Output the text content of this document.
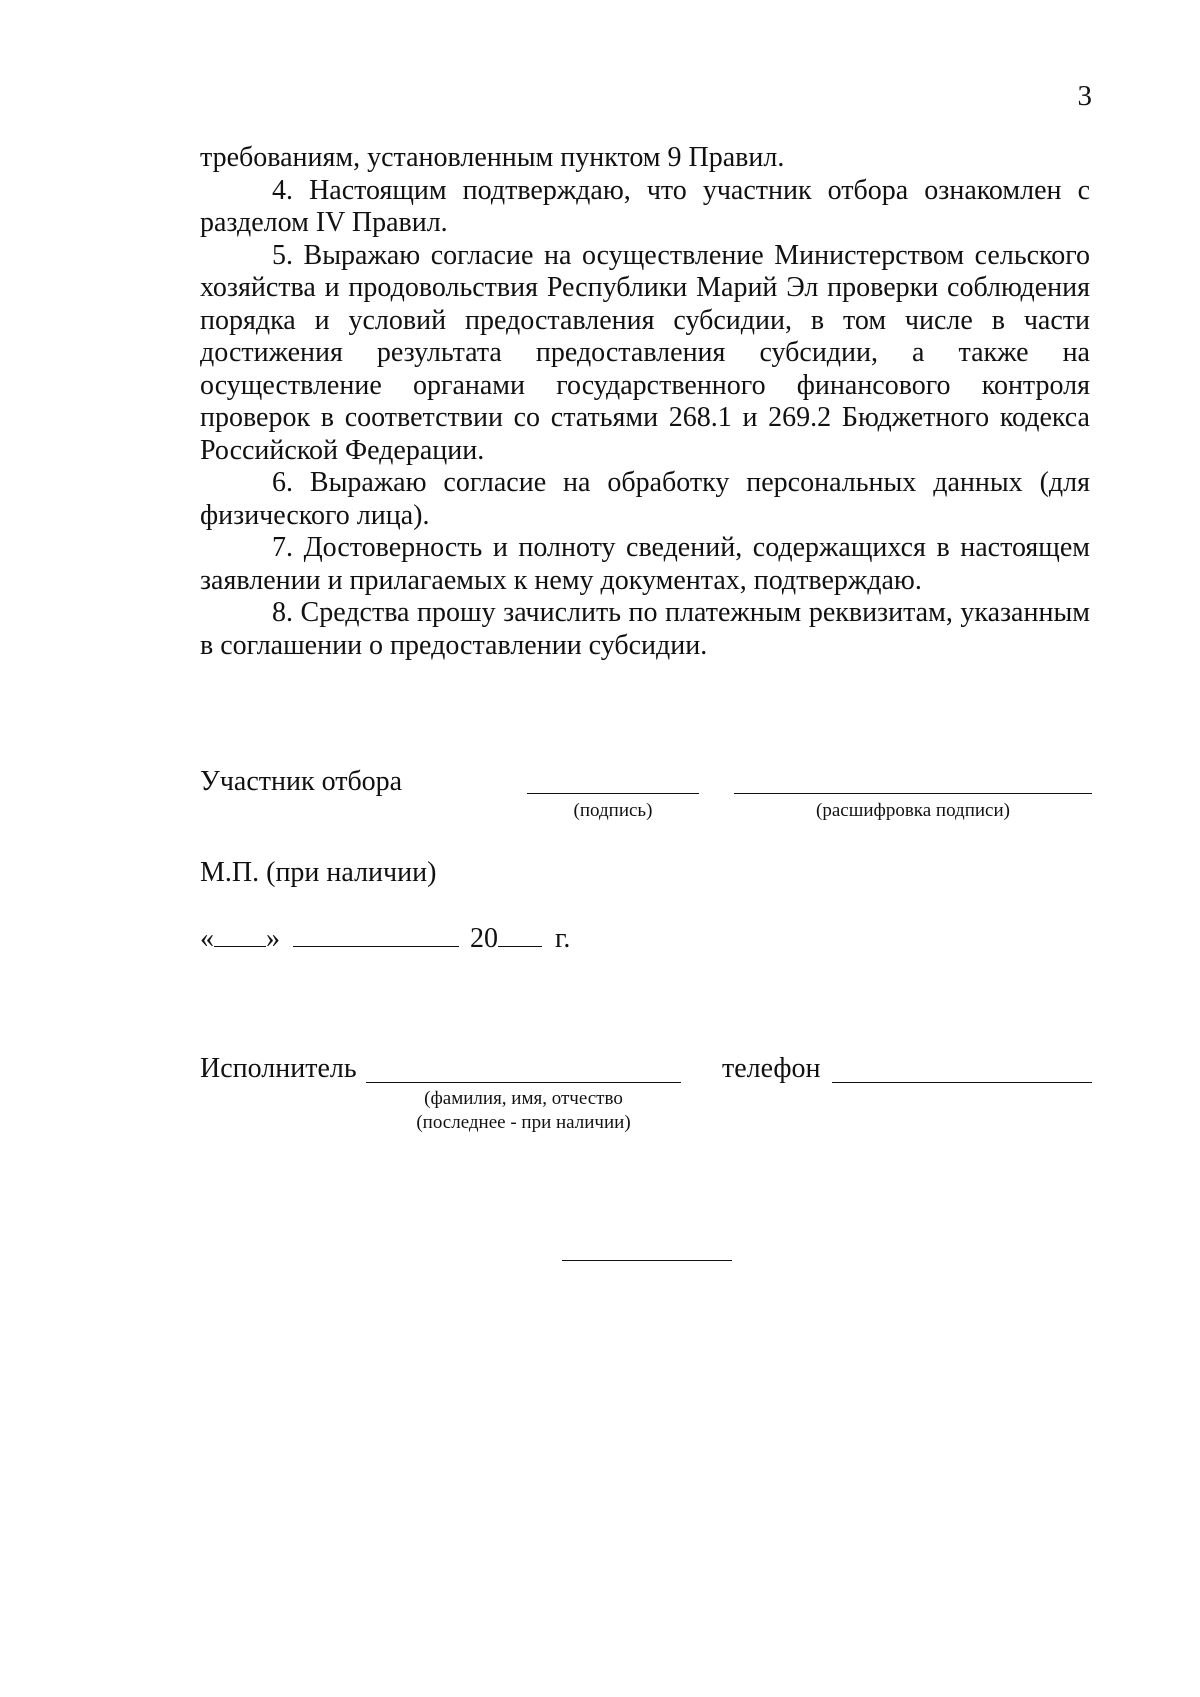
3

требованиям, установленным пунктом 9 Правил.

4. Настоящим подтверждаю, что участник отбора ознакомлен с разделом IV Правил.

5. Выражаю согласие на осуществление Министерством сельского хозяйства и продовольствия Республики Марий Эл проверки соблюдения порядка и условий предоставления субсидии, в том числе в части достижения результата предоставления субсидии, а также на осуществление органами государственного финансового контроля проверок в соответствии со статьями 268.1 и 269.2 Бюджетного кодекса Российской Федерации.

6. Выражаю согласие на обработку персональных данных (для физического лица).

7. Достоверность и полноту сведений, содержащихся в настоящем заявлении и прилагаемых к нему документах, подтверждаю.

8. Средства прошу зачислить по платежным реквизитам, указанным в соглашении о предоставлении субсидии.

Участник отбора
(подпись)	(расшифровка подписи)
М.П. (при наличии)
« »	20 г.
Исполнитель
(фамилия, имя, отчество
(последнее - при наличии)
телефон
